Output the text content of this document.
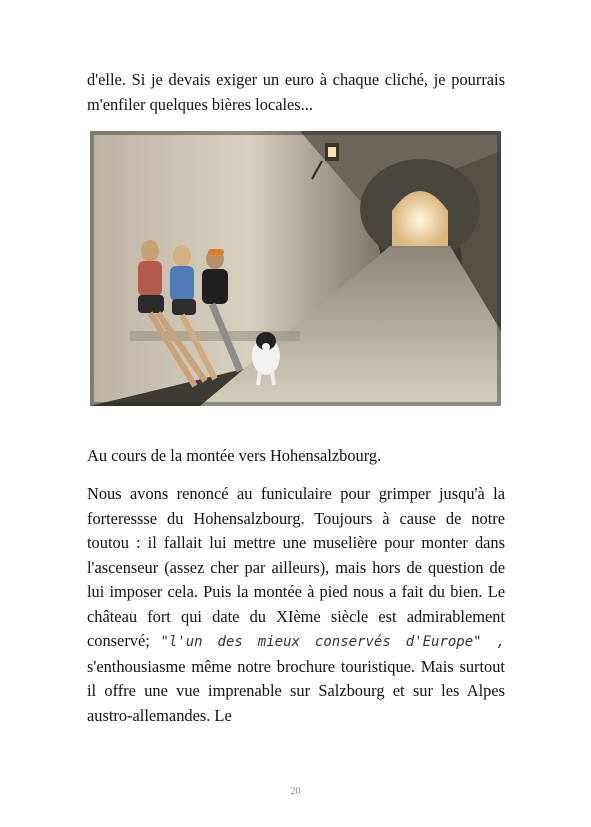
d'elle. Si je devais exiger un euro à chaque cliché, je pourrais m'enfiler quelques bières locales...

Au cours de la montée vers Hohensalzbourg.

Nous avons renoncé au funiculaire pour grimper jusqu'à la forteressse du Hohensalzbourg. Toujours à cause de notre toutou : il fallait lui mettre une muselière pour monter dans l'ascenseur (assez cher par ailleurs), mais hors de question de lui imposer cela. Puis la montée à pied nous a fait du bien. Le château fort qui date du XIème siècle est admirablement conservé; "l'un des mieux conservés d'Europe" , s'enthousiasme même notre brochure touristique. Mais surtout il offre une vue imprenable sur Salzbourg et sur les Alpes austro-allemandes. Le

20
